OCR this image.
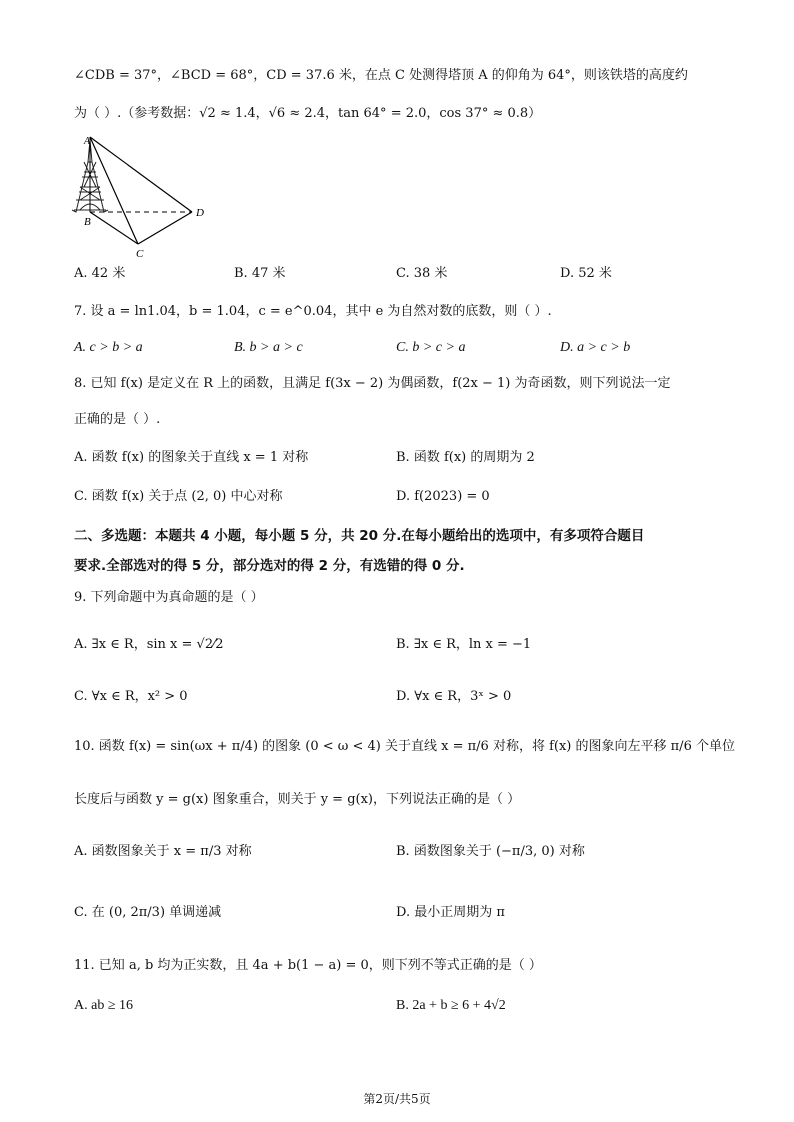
∠CDB = 37°，∠BCD = 68°，CD = 37.6 米，在点 C 处测得塔顶 A 的仰角为 64°，则该铁塔的高度约
为（ ）.（参考数据：√2 ≈ 1.4，√6 ≈ 2.4，tan 64° = 2.0，cos 37° ≈ 0.8）
A
B
C
D
A. 42 米	B. 47 米	C. 38 米	D. 52 米
7. 设 a = ln1.04，b = 1.04，c = e^0.04，其中 e 为自然对数的底数，则（ ）.
A. c > b > a	B. b > a > c	C. b > c > a	D. a > c > b
8. 已知 f(x) 是定义在 R 上的函数，且满足 f(3x − 2) 为偶函数，f(2x − 1) 为奇函数，则下列说法一定
正确的是（ ）.
A. 函数 f(x) 的图象关于直线 x = 1 对称	B. 函数 f(x) 的周期为 2
C. 函数 f(x) 关于点 (2, 0) 中心对称	D. f(2023) = 0
二、多选题：本题共 4 小题，每小题 5 分，共 20 分.在每小题给出的选项中，有多项符合题目
要求.全部选对的得 5 分，部分选对的得 2 分，有选错的得 0 分.
9. 下列命题中为真命题的是（ ）
A. ∃x ∈ R，sin x = √2⁄2	B. ∃x ∈ R，ln x = −1
C. ∀x ∈ R，x² > 0	D. ∀x ∈ R，3ˣ > 0
10. 函数 f(x) = sin(ωx + π/4) 的图象 (0 < ω < 4) 关于直线 x = π/6 对称，将 f(x) 的图象向左平移 π/6 个单位
长度后与函数 y = g(x) 图象重合，则关于 y = g(x)，下列说法正确的是（ ）
A. 函数图象关于 x = π/3 对称	B. 函数图象关于 (−π/3, 0) 对称
C. 在 (0, 2π/3) 单调递减	D. 最小正周期为 π
11. 已知 a, b 均为正实数，且 4a + b(1 − a) = 0，则下列不等式正确的是（ ）
A. ab ≥ 16	B. 2a + b ≥ 6 + 4√2
第2页/共5页
